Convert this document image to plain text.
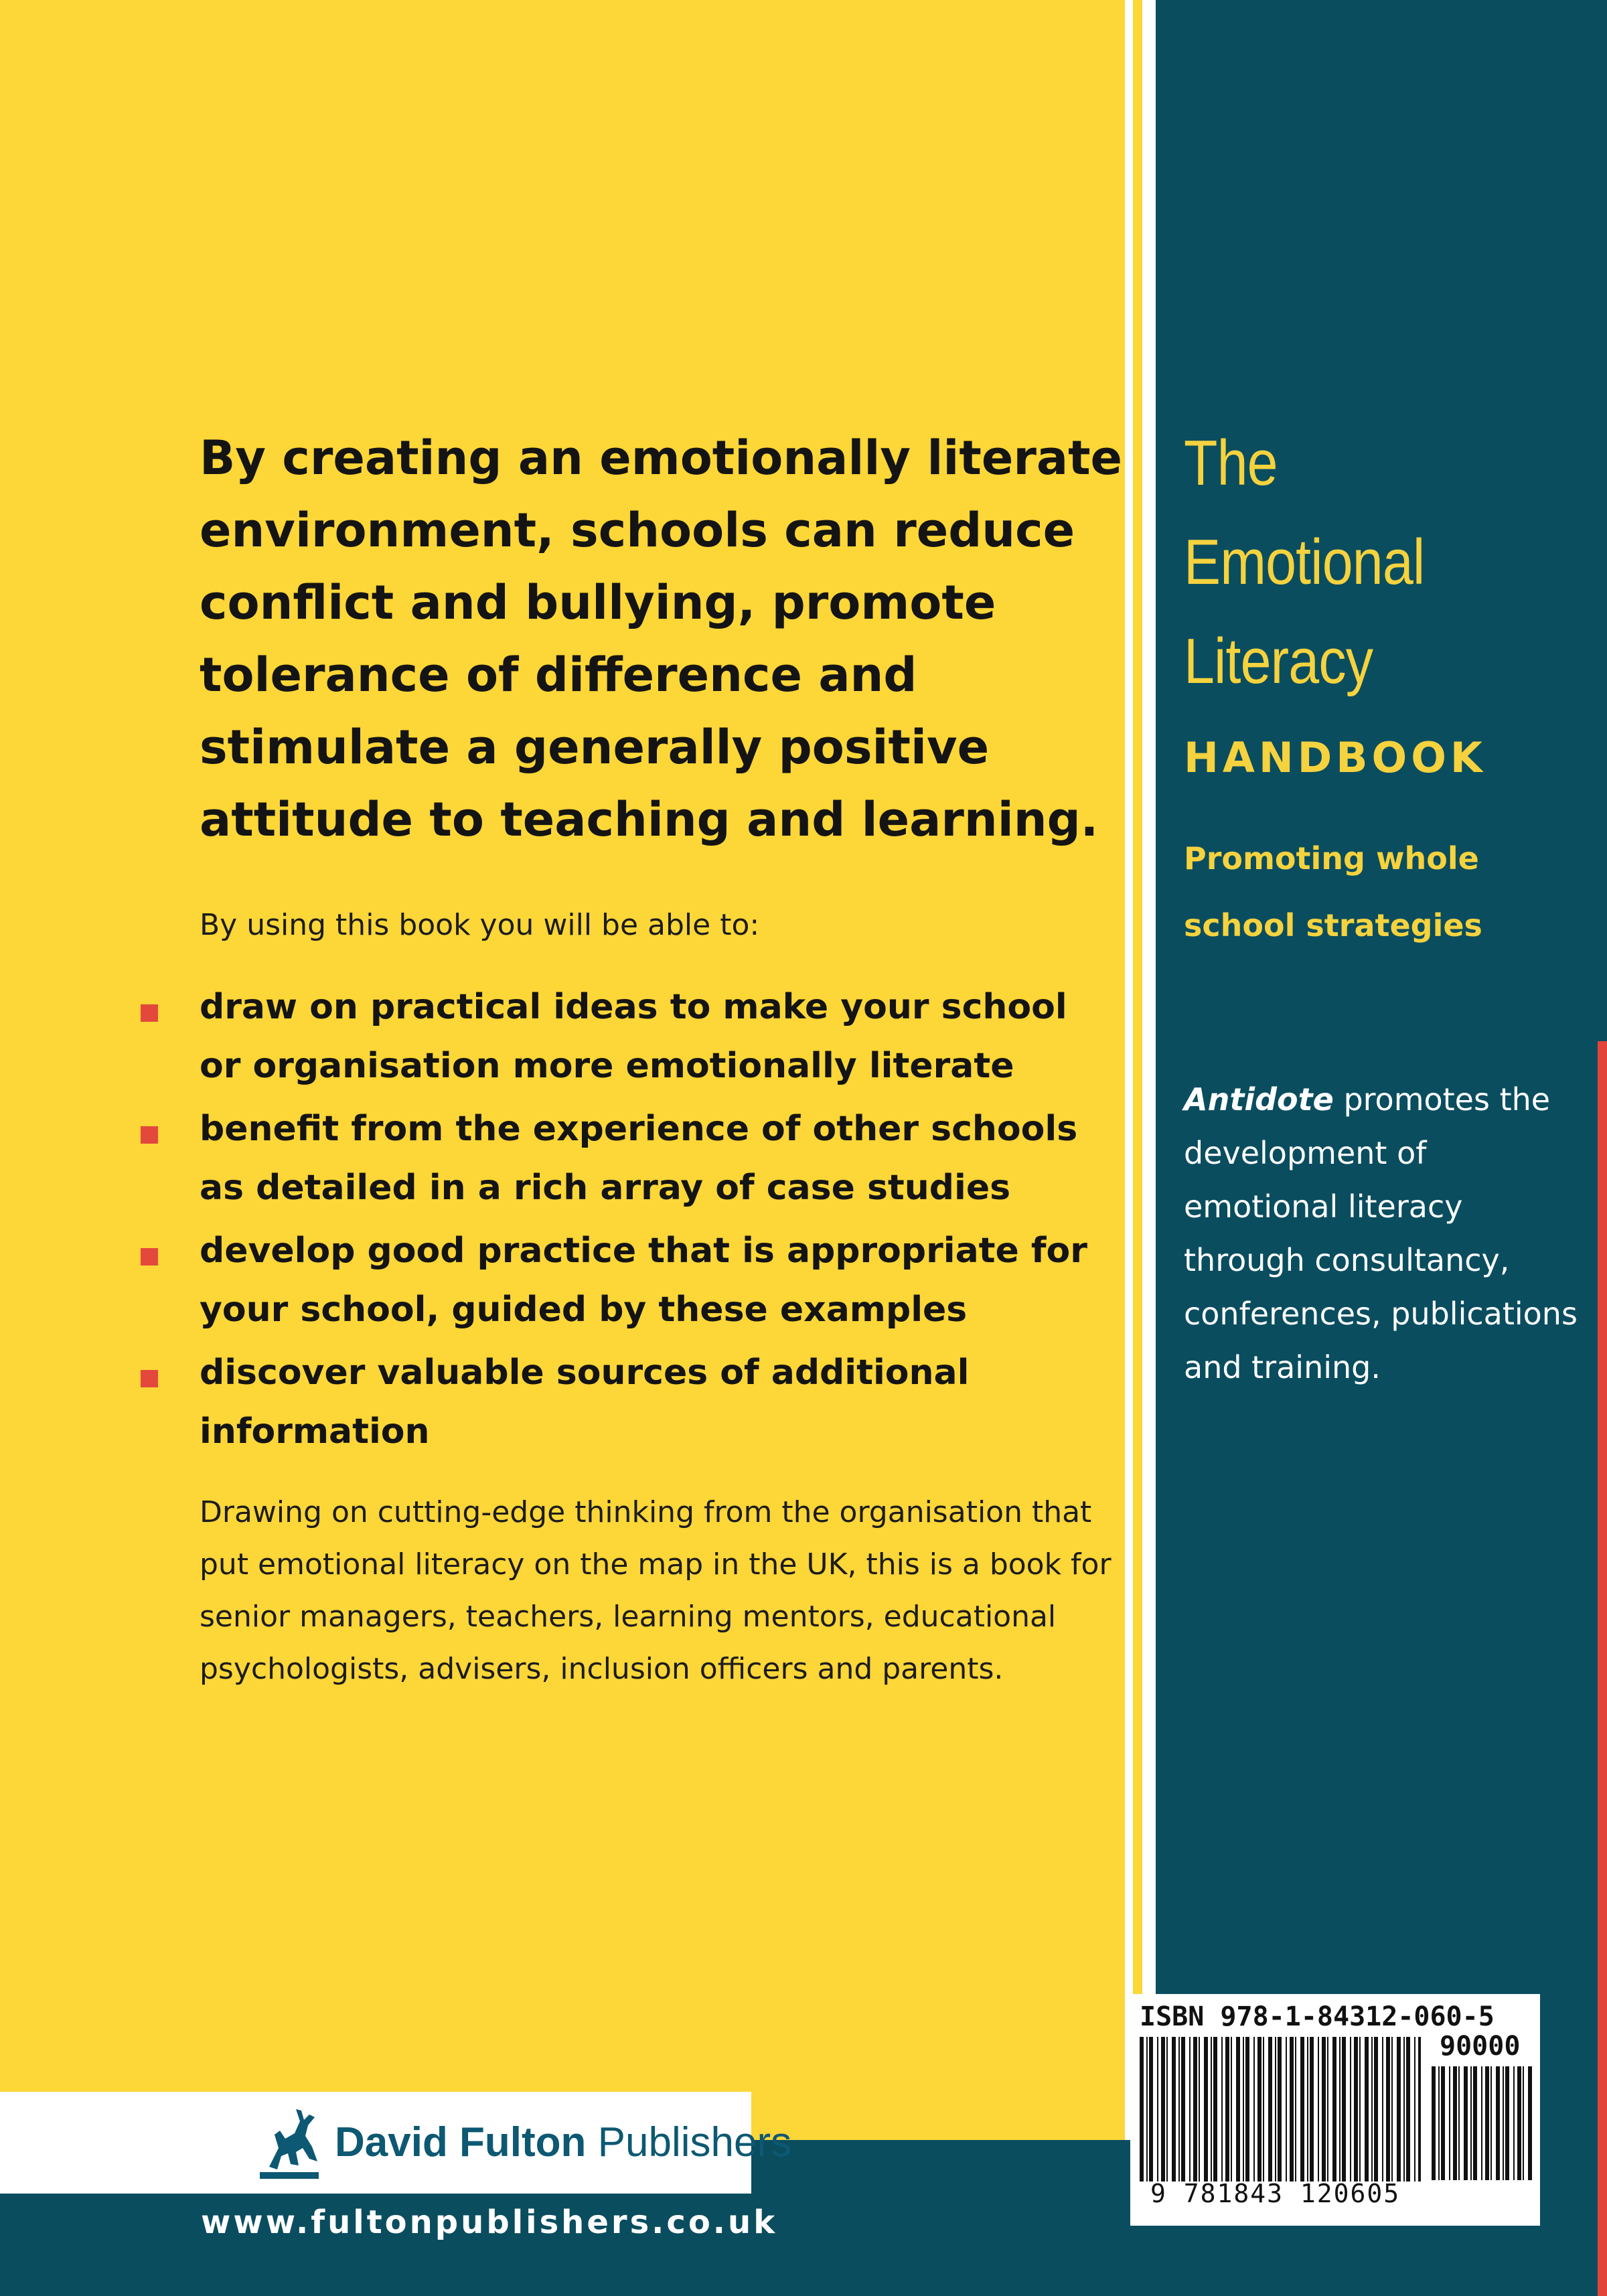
By creating an emotionally literate environment, schools can reduce conflict and bullying, promote tolerance of difference and stimulate a generally positive attitude to teaching and learning.

By using this book you will be able to:

draw on practical ideas to make your school or organisation more emotionally literate
benefit from the experience of other schools as detailed in a rich array of case studies
develop good practice that is appropriate for your school, guided by these examples
discover valuable sources of additional information

Drawing on cutting-edge thinking from the organisation that put emotional literacy on the map in the UK, this is a book for senior managers, teachers, learning mentors, educational psychologists, advisers, inclusion officers and parents.

The

Emotional

Literacy

HANDBOOK

Promoting whole school strategies

Antidote promotes the development of emotional literacy through consultancy, conferences, publications and training.

ISBN 978-1-84312-060-5

90000

9 781843 120605

David Fulton Publishers

www.fultonpublishers.co.uk
